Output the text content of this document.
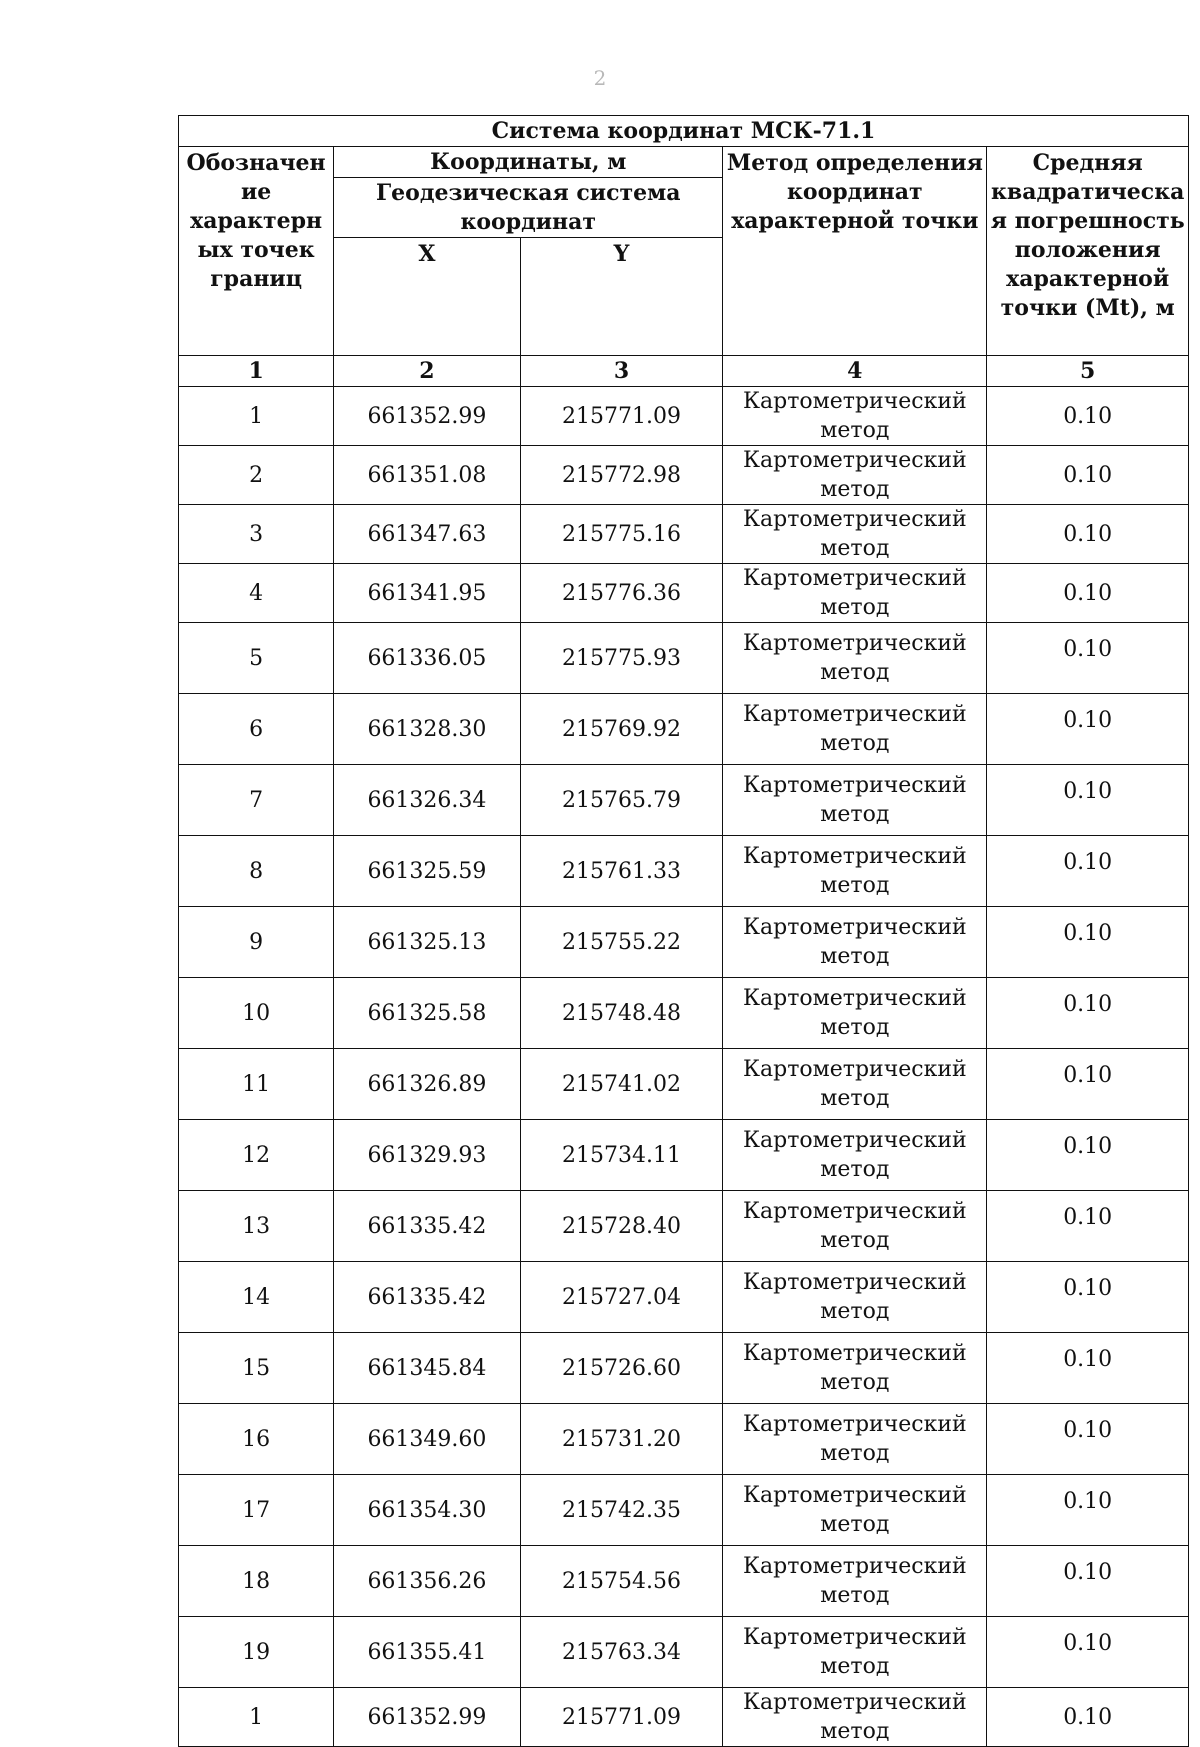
2
Система координат МСК-71.1				
Обозначен ие характерн ых точек границ	Координаты, м		Метод определения координат характерной точки	Средняя квадратическа я погрешность положения характерной точки (Mt), м
	Геодезическая система координат			
	X	Y		
1	2	3	4	5
1	661352.99	215771.09	Картометрический метод	0.10
2	661351.08	215772.98	Картометрический метод	0.10
3	661347.63	215775.16	Картометрический метод	0.10
4	661341.95	215776.36	Картометрический метод	0.10
5	661336.05	215775.93	Картометрический метод	0.10
6	661328.30	215769.92	Картометрический метод	0.10
7	661326.34	215765.79	Картометрический метод	0.10
8	661325.59	215761.33	Картометрический метод	0.10
9	661325.13	215755.22	Картометрический метод	0.10
10	661325.58	215748.48	Картометрический метод	0.10
11	661326.89	215741.02	Картометрический метод	0.10
12	661329.93	215734.11	Картометрический метод	0.10
13	661335.42	215728.40	Картометрический метод	0.10
14	661335.42	215727.04	Картометрический метод	0.10
15	661345.84	215726.60	Картометрический метод	0.10
16	661349.60	215731.20	Картометрический метод	0.10
17	661354.30	215742.35	Картометрический метод	0.10
18	661356.26	215754.56	Картометрический метод	0.10
19	661355.41	215763.34	Картометрический метод	0.10
1	661352.99	215771.09	Картометрический метод	0.10
